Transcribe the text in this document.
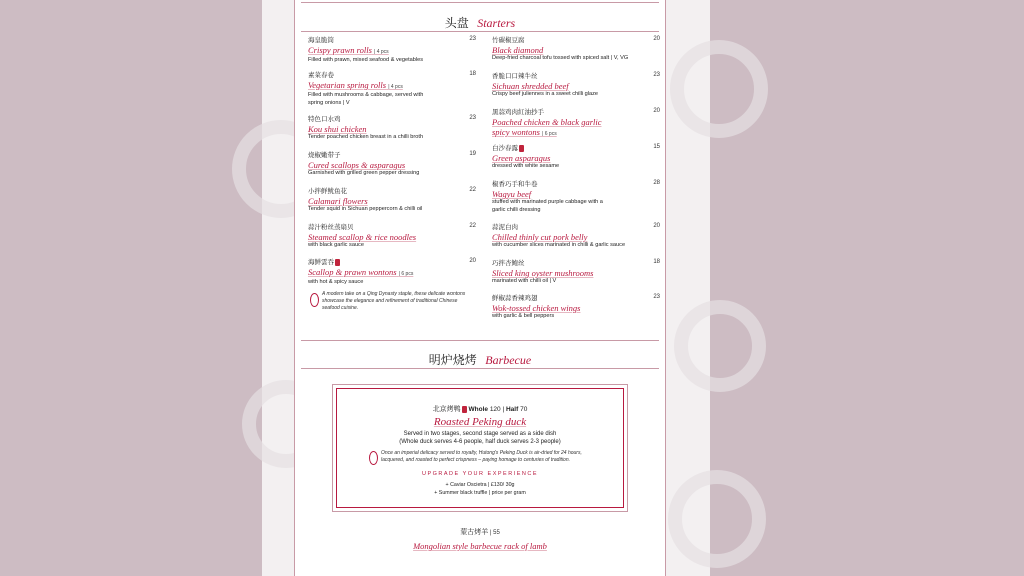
头盘 Starters
海皇脆筒
Crispy prawn rolls | 4 pcs
Filled with prawn, mixed seafood & vegetables
23
素菜春卷
Vegetarian spring rolls | 4 pcs
Filled with mushrooms & cabbage, served with spring onions | V
18
特色口水鸡
Kou shui chicken
Tender poached chicken breast in a chilli broth
23
烧椒嫩带子
Cured scallops & asparagus
Garnished with grilled green pepper dressing
19
小拌鲜鱿鱼花
Calamari flowers
Tender squid in Sichuan peppercorn & chilli oil
22
蒜汁粉丝蒸扇贝
Steamed scallop & rice noodles
with black garlic sauce
22
海鲜雲吞
Scallop & prawn wontons | 6 pcs
with hot & spicy sauce
20
A modern take on a Qing Dynasty staple, these delicate wontons showcase the elegance and refinement of traditional Chinese seafood cuisine.
竹碳椒豆腐
Black diamond
Deep-fried charcoal tofu tossed with spiced salt | V, VG
20
香脆口口辣牛丝
Sichuan shredded beef
Crispy beef juliennes in a sweet chilli glaze
23
黑蒜鸡肉紅油抄手
Poached chicken & black garlic spicy wontons | 6 pcs
20
白沙春露
Green asparagus
dressed with white sesame
15
椒香巧手和牛卷
Wagyu beef
stuffed with marinated purple cabbage with a garlic chilli dressing
28
蒜泥白肉
Chilled thinly cut pork belly
with cucumber slices marinated in chilli & garlic sauce
20
巧拌杏鲍丝
Sliced king oyster mushrooms
marinated with chilli oil | V
18
鲜椒蒜香辣鸡翅
Wok-tossed chicken wings
with garlic & bell peppers
23
明炉烧烤 Barbecue
北京烤鸭 Whole 120 | Half 70
Roasted Peking duck
Served in two stages, second stage served as a side dish
(Whole duck serves 4-6 people, half duck serves 2-3 people)
Once an imperial delicacy served to royalty, Hutong's Peking Duck is air-dried for 24 hours, lacquered, and roasted to perfect crispness – paying homage to centuries of tradition.
UPGRADE YOUR EXPERIENCE
+ Caviar Oscietra | £130/ 30g
+ Summer black truffle | price per gram
蒙古烤羊 | 55
Mongolian style barbecue rack of lamb
